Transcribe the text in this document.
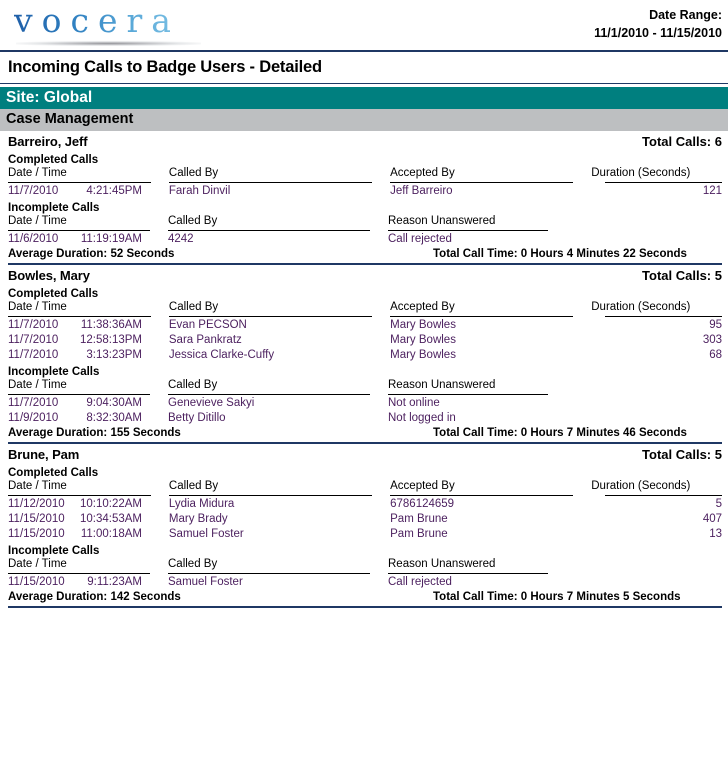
vocera	Date Range:
11/1/2010 - 11/15/2010
Incoming Calls to Badge Users - Detailed
Site: Global
Case Management
Barreiro, Jeff	Total Calls: 6
Completed Calls
Date / Time	Called By	Accepted By	Duration (Seconds)

11/7/2010 4:21:45PM	Farah Dinvil	Jeff Barreiro	121
Incomplete Calls
Date / Time	Called By	Reason Unanswered

11/6/2010 11:19:19AM	4242	Call rejected
Average Duration: 52 Seconds	Total Call Time: 0 Hours 4 Minutes 22 Seconds
Bowles, Mary	Total Calls: 5
Completed Calls
Date / Time	Called By	Accepted By	Duration (Seconds)

11/7/2010 11:38:36AM	Evan PECSON	Mary Bowles	95
11/7/2010 12:58:13PM	Sara Pankratz	Mary Bowles	303
11/7/2010 3:13:23PM	Jessica Clarke-Cuffy	Mary Bowles	68
Incomplete Calls
Date / Time	Called By	Reason Unanswered

11/7/2010 9:04:30AM	Genevieve Sakyi	Not online
11/9/2010 8:32:30AM	Betty Ditillo	Not logged in
Average Duration: 155 Seconds	Total Call Time: 0 Hours 7 Minutes 46 Seconds
Brune, Pam	Total Calls: 5
Completed Calls
Date / Time	Called By	Accepted By	Duration (Seconds)

11/12/2010 10:10:22AM	Lydia Midura	6786124659	5
11/15/2010 10:34:53AM	Mary Brady	Pam Brune	407
11/15/2010 11:00:18AM	Samuel Foster	Pam Brune	13
Incomplete Calls
Date / Time	Called By	Reason Unanswered

11/15/2010 9:11:23AM	Samuel Foster	Call rejected
Average Duration: 142 Seconds	Total Call Time: 0 Hours 7 Minutes 5 Seconds
